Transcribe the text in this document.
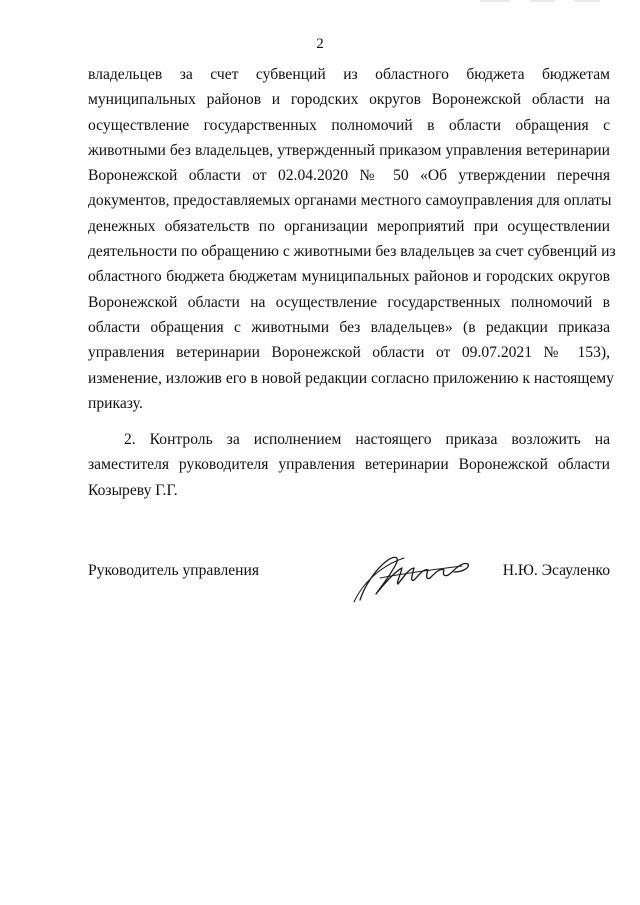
2
владельцев за счет субвенций из областного бюджета бюджетам
муниципальных районов и городских округов Воронежской области на
осуществление государственных полномочий в области обращения с
животными без владельцев, утвержденный приказом управления ветеринарии
Воронежской области от 02.04.2020 № 50 «Об утверждении перечня
документов, предоставляемых органами местного самоуправления для оплаты
денежных обязательств по организации мероприятий при осуществлении
деятельности по обращению с животными без владельцев за счет субвенций из
областного бюджета бюджетам муниципальных районов и городских округов
Воронежской области на осуществление государственных полномочий в
области обращения с животными без владельцев» (в редакции приказа
управления ветеринарии Воронежской области от 09.07.2021 № 153),
изменение, изложив его в новой редакции согласно приложению к настоящему
приказу.
2. Контроль за исполнением настоящего приказа возложить на
заместителя руководителя управления ветеринарии Воронежской области
Козыреву Г.Г.
Руководитель управления	Н.Ю. Эсауленко
